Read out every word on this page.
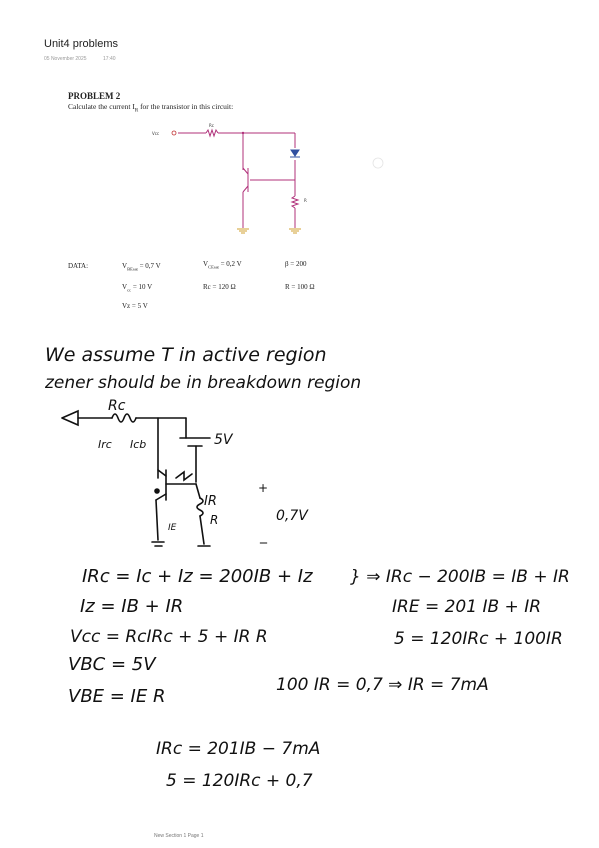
Unit4 problems
05 November 2025	17:40
PROBLEM 2
Calculate the current $I_R$ for the transistor in this circuit:
Vcc
Rc
R
DATA:	$V_{BEsat} = 0,7$ V	$V_{CEsat} = 0,2$ V	β = 200
$V_{cc} = 10$ V	Rc = 120 Ω	R = 100 Ω
Vz = 5 V
We assume T in active region
zener should be in breakdown region
Rc
Irc Icb	5V
IR
R
IE
+
_
0,7V
IRc = Ic + Iz = 200IB + Iz } ⇒ IRc − 200IB = IB + IR
Iz = IB + IR	IRE = 201 IB + IR
Vcc = RcIRc + 5 + IR R	5 = 120IRc + 100IR
VBC = 5V
VBE = IE R
100 IR = 0,7 ⇒ IR = 7mA
IRc = 201IB − 7mA
5 = 120IRc + 0,7
New Section 1 Page 1
